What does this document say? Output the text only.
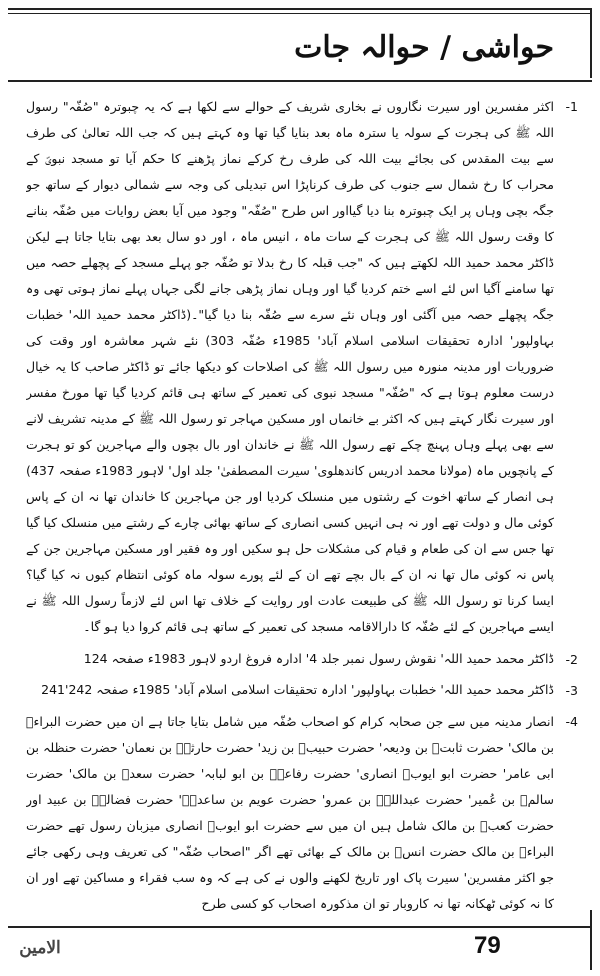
حواشی / حوالہ جات
-1
اکثر مفسرین اور سیرت نگاروں نے بخاری شریف کے حوالے سے لکھا ہے کہ یہ چبوترہ "صُفّہ" رسول اللہ ﷺ کی ہجرت کے سولہ یا سترہ ماہ بعد بنایا گیا تھا وہ کہتے ہیں کہ جب اللہ تعالیٰ کی طرف سے بیت المقدس کی بجائے بیت اللہ کی طرف رخ کرکے نماز پڑھنے کا حکم آیا تو مسجد نبویؐ کے محراب کا رخ شمال سے جنوب کی طرف کرناپڑا اس تبدیلی کی وجہ سے شمالی دیوار کے ساتھ جو جگہ بچی وہاں پر ایک چبوترہ بنا دیا گیااور اس طرح "صُفّہ" وجود میں آیا بعض روایات میں صُفّہ بنانے کا وقت رسول اللہ ﷺ کی ہجرت کے سات ماہ ، انیس ماہ ، اور دو سال بعد بھی بتایا جاتا ہے لیکن ڈاکٹر محمد حمید اللہ لکھتے ہیں کہ "جب قبلہ کا رخ بدلا تو صُفّہ جو پہلے مسجد کے پچھلے حصہ میں تھا سامنے آگیا اس لئے اسے ختم کردیا گیا اور وہاں نماز پڑھی جانے لگی جہاں پہلے نماز ہوتی تھی وہ جگہ پچھلے حصہ میں آگئی اور وہاں نئے سرے سے صُفّہ بنا دیا گیا"۔(ڈاکٹر محمد حمید اللہ' خطبات بہاولپور' ادارہ تحقیقات اسلامی اسلام آباد' 1985ء صُفّہ 303) نئے شہر معاشرہ اور وقت کی ضروریات اور مدینہ منورہ میں رسول اللہ ﷺ کی اصلاحات کو دیکھا جائے تو ڈاکٹر صاحب کا یہ خیال درست معلوم ہوتا ہے کہ "صُفّہ" مسجد نبوی کی تعمیر کے ساتھ ہی قائم کردیا گیا تھا مورخ مفسر اور سیرت نگار کہتے ہیں کہ اکثر بے خانماں اور مسکین مہاجر تو رسول اللہ ﷺ کے مدینہ تشریف لانے سے بھی پہلے وہاں پہنچ چکے تھے رسول اللہ ﷺ نے خاندان اور بال بچوں والے مہاجرین کو تو ہجرت کے پانچویں ماہ (مولانا محمد ادریس کاندھلوی' سیرت المصطفیٰ' جلد اول' لاہور 1983ء صفحہ 437) ہی انصار کے ساتھ اخوت کے رشتوں میں منسلک کردیا اور جن مہاجرین کا خاندان تھا نہ ان کے پاس کوئی مال و دولت تھے اور نہ ہی انہیں کسی انصاری کے ساتھ بھائی چارے کے رشتے میں منسلک کیا گیا تھا جس سے ان کی طعام و قیام کی مشکلات حل ہو سکیں اور وہ فقیر اور مسکین مہاجرین جن کے پاس نہ کوئی مال تھا نہ ان کے بال بچے تھے ان کے لئے پورے سولہ ماہ کوئی انتظام کیوں نہ کیا گیا؟ ایسا کرنا تو رسول اللہ ﷺ کی طبیعت عادت اور روایت کے خلاف تھا اس لئے لازماً رسول اللہ ﷺ نے ایسے مہاجرین کے لئے صُفّہ کا دارالاقامہ مسجد کی تعمیر کے ساتھ ہی قائم کروا دیا ہو گا۔
-2
ڈاکٹر محمد حمید اللہ' نقوش رسول نمبر جلد 4' ادارہ فروغ اردو لاہور 1983ء صفحہ 124
-3
ڈاکٹر محمد حمید اللہ' خطبات بہاولپور' ادارہ تحقیقات اسلامی اسلام آباد' 1985ء صفحہ 242'241
-4
انصار مدینہ میں سے جن صحابہ کرام کو اصحاب صُفّہ میں شامل بتایا جاتا ہے ان میں حضرت البراءؓ بن مالک' حضرت ثابتؓ بن ودیعہ' حضرت حبیبؓ بن زید' حضرت حارثہؓ بن نعمان' حضرت حنظلہ بن ابی عامر' حضرت ابو ایوبؓ انصاری' حضرت رفاعہؓ بن ابو لبابہ' حضرت سعدؓ بن مالک' حضرت سالمؓ بن عُمیر' حضرت عبداللہؓ بن عمرو' حضرت عویم بن ساعدہؓ' حضرت فضالہؓ بن عبید اور حضرت کعبؓ بن مالک شامل ہیں ان میں سے حضرت ابو ایوبؓ انصاری میزبان رسول تھے حضرت البراءؓ بن مالک حضرت انسؓ بن مالک کے بھائی تھے اگر "اصحاب صُفّہ" کی تعریف وہی رکھی جائے جو اکثر مفسرین' سیرت پاک اور تاریخ لکھنے والوں نے کی ہے کہ وہ سب فقراء و مساکین تھے اور ان کا نہ کوئی ٹھکانہ تھا نہ کاروبار تو ان مذکورہ اصحاب کو کسی طرح
الامین	79
